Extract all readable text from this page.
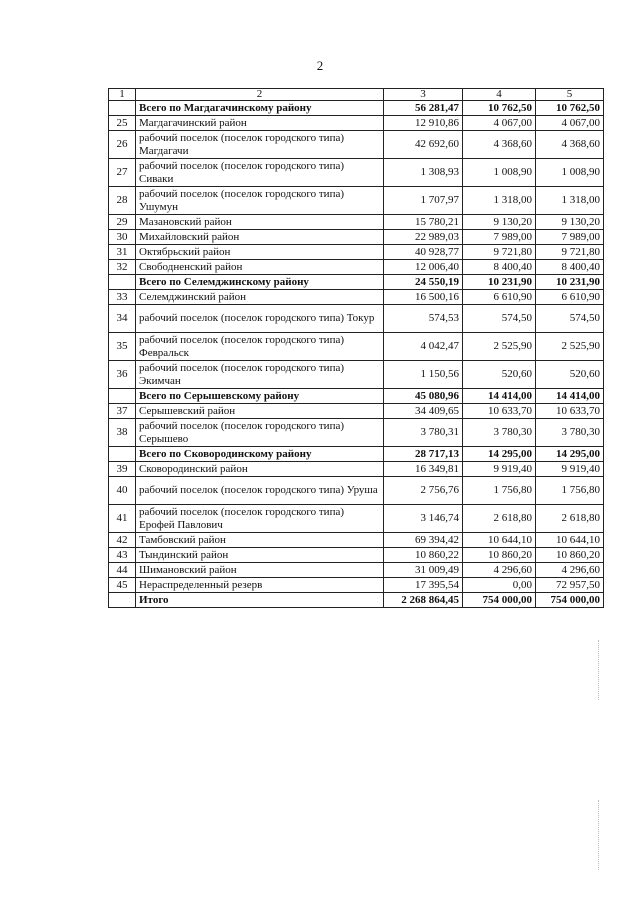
2
1	2	3	4	5
	Всего по Магдагачинскому району	56 281,47	10 762,50	10 762,50
25	Магдагачинский район	12 910,86	4 067,00	4 067,00
26	рабочий поселок (поселок городского типа) Магдагачи	42 692,60	4 368,60	4 368,60
27	рабочий поселок (поселок городского типа) Сиваки	1 308,93	1 008,90	1 008,90
28	рабочий поселок (поселок городского типа) Ушумун	1 707,97	1 318,00	1 318,00
29	Мазановский район	15 780,21	9 130,20	9 130,20
30	Михайловский район	22 989,03	7 989,00	7 989,00
31	Октябрьский район	40 928,77	9 721,80	9 721,80
32	Свободненский район	12 006,40	8 400,40	8 400,40
	Всего по Селемджинскому району	24 550,19	10 231,90	10 231,90
33	Селемджинский район	16 500,16	6 610,90	6 610,90
34	рабочий поселок (поселок городского типа) Токур	574,53	574,50	574,50
35	рабочий поселок (поселок городского типа) Февральск	4 042,47	2 525,90	2 525,90
36	рабочий поселок (поселок городского типа) Экимчан	1 150,56	520,60	520,60
	Всего по Серышевскому району	45 080,96	14 414,00	14 414,00
37	Серышевский район	34 409,65	10 633,70	10 633,70
38	рабочий поселок (поселок городского типа) Серышево	3 780,31	3 780,30	3 780,30
	Всего по Сковородинскому району	28 717,13	14 295,00	14 295,00
39	Сковородинский район	16 349,81	9 919,40	9 919,40
40	рабочий поселок (поселок городского типа) Уруша	2 756,76	1 756,80	1 756,80
41	рабочий поселок (поселок городского типа) Ерофей Павлович	3 146,74	2 618,80	2 618,80
42	Тамбовский район	69 394,42	10 644,10	10 644,10
43	Тындинский район	10 860,22	10 860,20	10 860,20
44	Шимановский район	31 009,49	4 296,60	4 296,60
45	Нераспределенный резерв	17 395,54	0,00	72 957,50
	Итого	2 268 864,45	754 000,00	754 000,00
